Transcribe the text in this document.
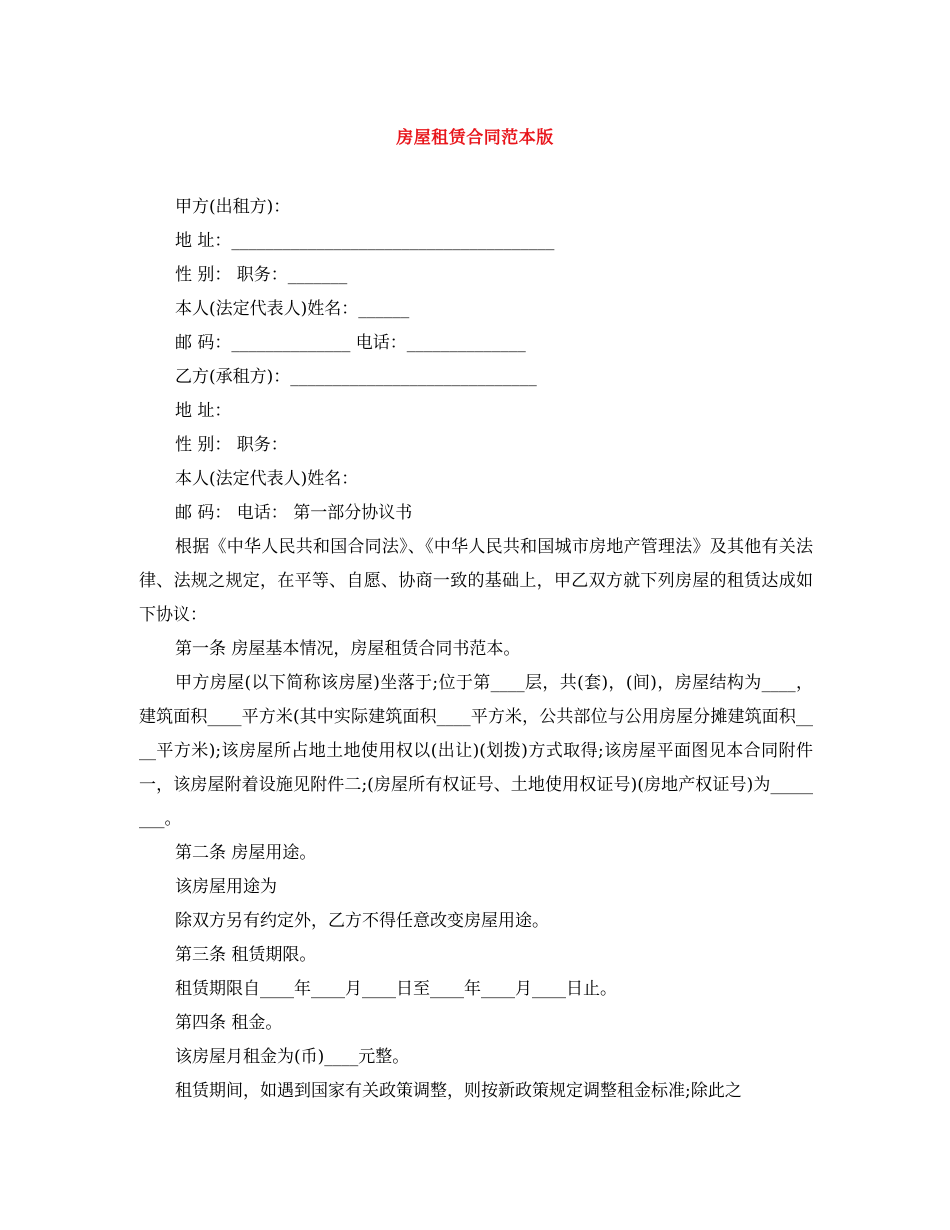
房屋租赁合同范本版
甲方(出租方)：
地 址：______________________________________
性 别： 职务：_______
本人(法定代表人)姓名：______
邮 码：______________ 电话：______________
乙方(承租方)：_____________________________
地 址：
性 别： 职务：
本人(法定代表人)姓名：
邮 码： 电话： 第一部分协议书
根据《中华人民共和国合同法》、《中华人民共和国城市房地产管理法》及其他有关法律、法规之规定，在平等、自愿、协商一致的基础上，甲乙双方就下列房屋的租赁达成如下协议：
第一条 房屋基本情况，房屋租赁合同书范本。
甲方房屋(以下简称该房屋)坐落于;位于第____层，共(套)，(间)，房屋结构为____，建筑面积____平方米(其中实际建筑面积____平方米，公共部位与公用房屋分摊建筑面积____平方米);该房屋所占地土地使用权以(出让)(划拨)方式取得;该房屋平面图见本合同附件一，该房屋附着设施见附件二;(房屋所有权证号、土地使用权证号)(房地产权证号)为________。
第二条 房屋用途。
该房屋用途为
除双方另有约定外，乙方不得任意改变房屋用途。
第三条 租赁期限。
租赁期限自____年____月____日至____年____月____日止。
第四条 租金。
该房屋月租金为(币)____元整。
租赁期间，如遇到国家有关政策调整，则按新政策规定调整租金标准;除此之
